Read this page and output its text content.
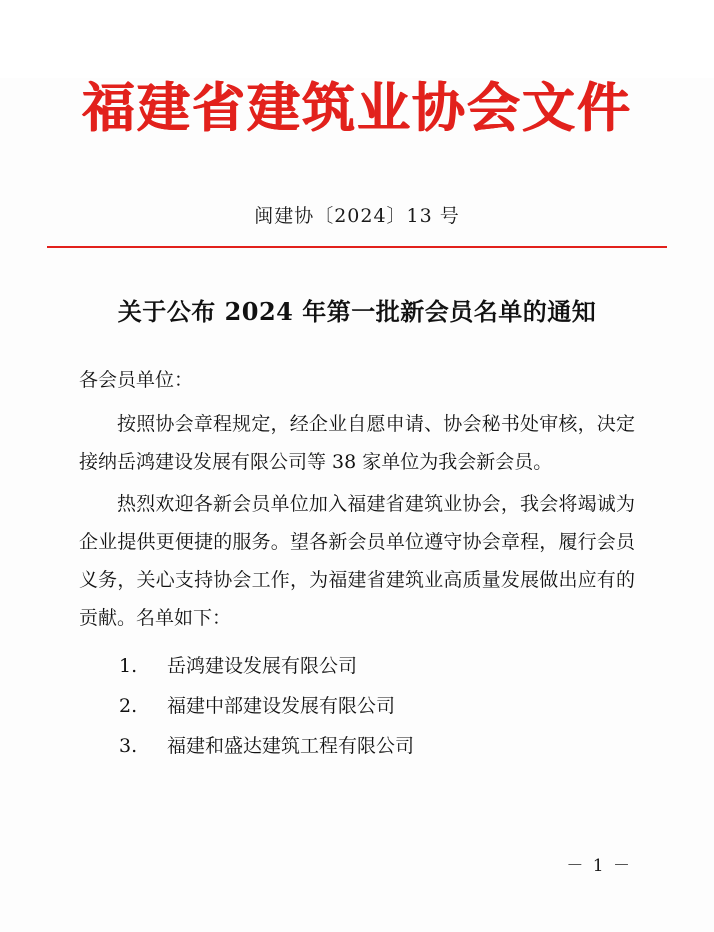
福建省建筑业协会文件
闽建协〔2024〕13 号
关于公布 2024 年第一批新会员名单的通知

各会员单位：

按照协会章程规定，经企业自愿申请、协会秘书处审核，决定接纳岳鸿建设发展有限公司等 38 家单位为我会新会员。

热烈欢迎各新会员单位加入福建省建筑业协会，我会将竭诚为企业提供更便捷的服务。望各新会员单位遵守协会章程，履行会员义务，关心支持协会工作，为福建省建筑业高质量发展做出应有的贡献。名单如下：

1.	岳鸿建设发展有限公司
2.	福建中部建设发展有限公司
3.	福建和盛达建筑工程有限公司
－ 1 －
